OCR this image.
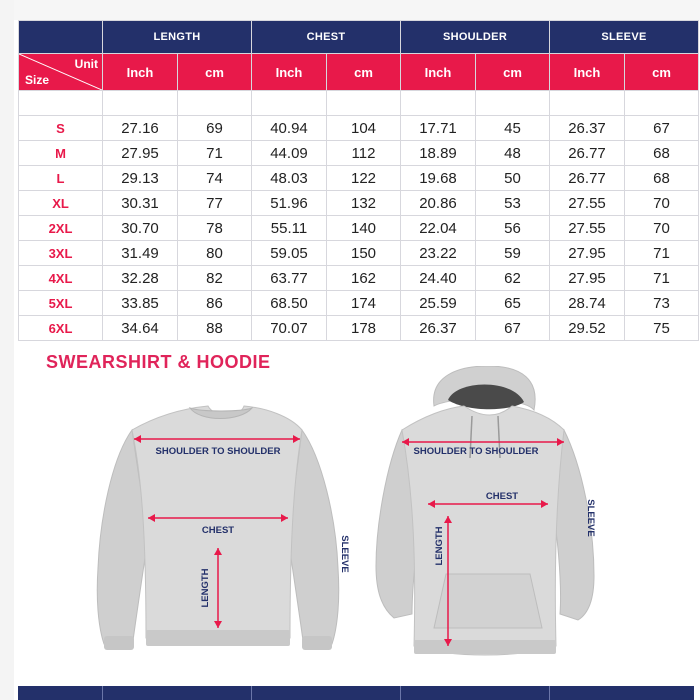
	LENGTH		CHEST		SHOULDER		SLEEVE	

Unit
Size	Inch	cm	Inch	cm	Inch	cm	Inch	cm

S	27.16	69	40.94	104	17.71	45	26.37	67
M	27.95	71	44.09	112	18.89	48	26.77	68
L	29.13	74	48.03	122	19.68	50	26.77	68
XL	30.31	77	51.96	132	20.86	53	27.55	70
2XL	30.70	78	55.11	140	22.04	56	27.55	70
3XL	31.49	80	59.05	150	23.22	59	27.95	71
4XL	32.28	82	63.77	162	24.40	62	27.95	71
5XL	33.85	86	68.50	174	25.59	65	28.74	73
6XL	34.64	88	70.07	178	26.37	67	29.52	75
SWEARSHIRT & HOODIE
SHOULDER TO SHOULDER
CHEST
LENGTH
SLEEVE
SHOULDER TO SHOULDER
CHEST
LENGTH
SLEEVE
